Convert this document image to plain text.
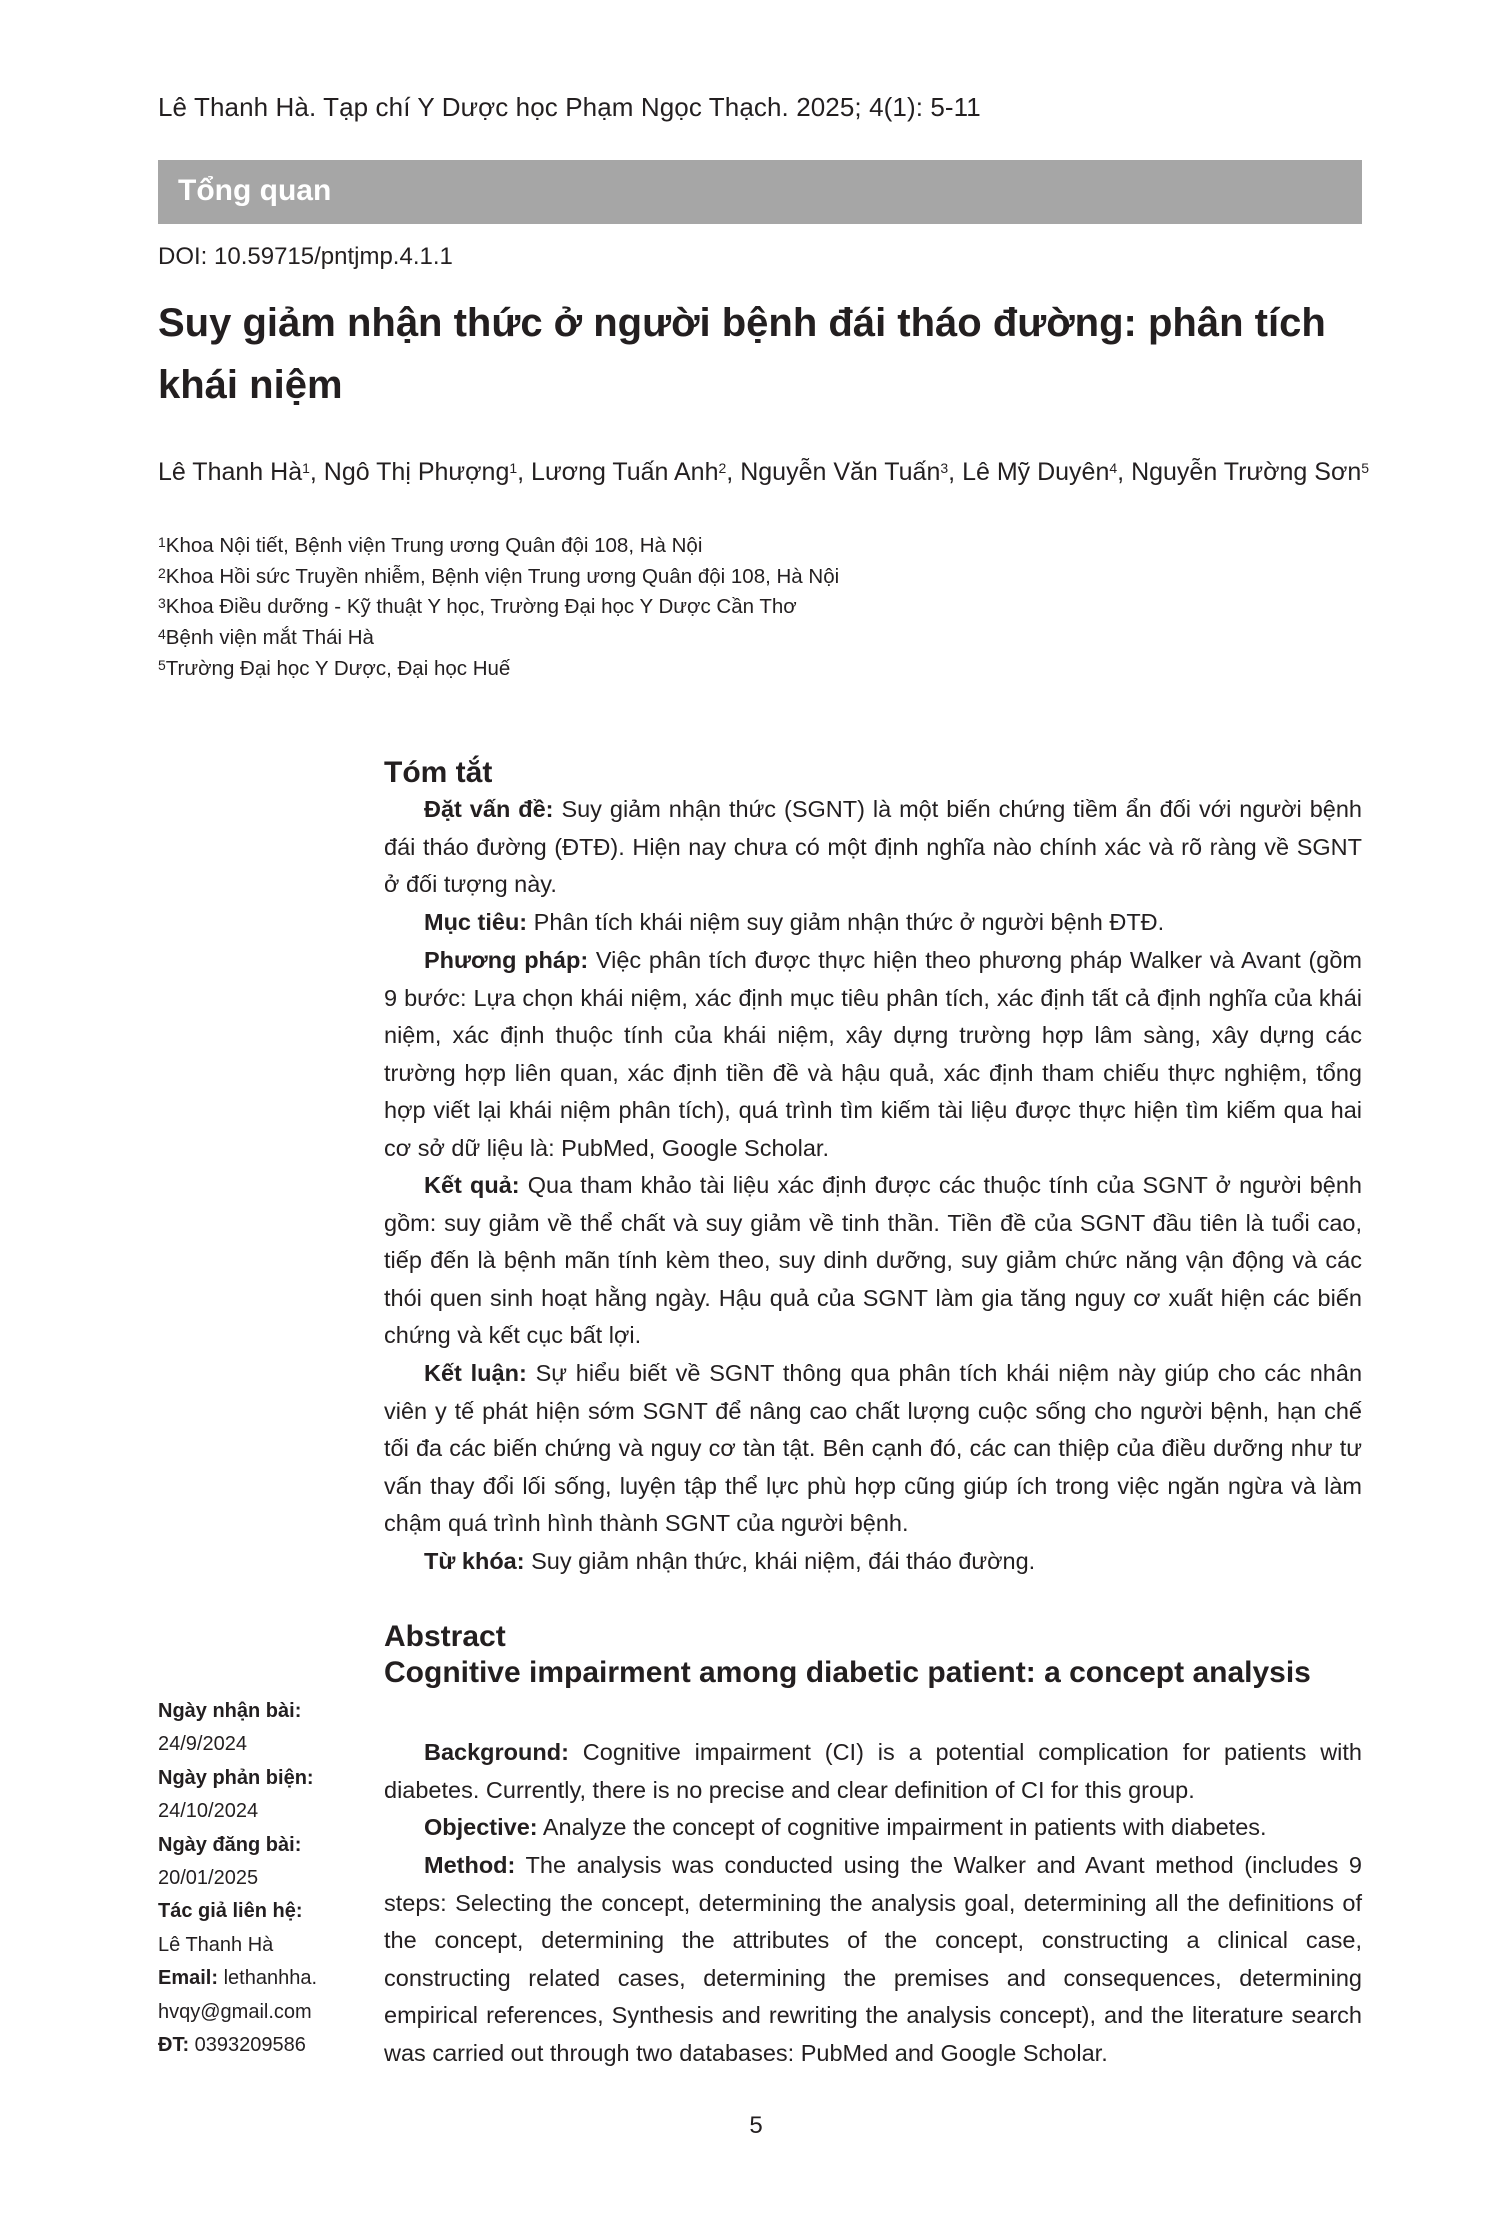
Lê Thanh Hà. Tạp chí Y Dược học Phạm Ngọc Thạch. 2025; 4(1): 5-11
Tổng quan
DOI: 10.59715/pntjmp.4.1.1
Suy giảm nhận thức ở người bệnh đái tháo đường: phân tích khái niệm
Lê Thanh $Hà^1$, Ngô Thị Phượng$^1$, Lương Tuấn Anh$^2$, Nguyễn Văn Tuấn$^3$, Lê Mỹ Duyên$^4$, Nguyễn Trường Sơn$^5$
$^1$Khoa Nội tiết, Bệnh viện Trung ương Quân đội 108, Hà Nội
$^2$Khoa Hồi sức Truyền nhiễm, Bệnh viện Trung ương Quân đội 108, Hà Nội
$^3$Khoa Điều dưỡng - Kỹ thuật Y học, Trường Đại học Y Dược Cần Thơ
$^4$Bệnh viện mắt Thái Hà
$^5$Trường Đại học Y Dược, Đại học Huế
Tóm tắt

Đặt vấn đề: Suy giảm nhận thức (SGNT) là một biến chứng tiềm ẩn đối với người bệnh đái tháo đường (ĐTĐ). Hiện nay chưa có một định nghĩa nào chính xác và rõ ràng về SGNT ở đối tượng này.

Mục tiêu: Phân tích khái niệm suy giảm nhận thức ở người bệnh ĐTĐ.

Phương pháp: Việc phân tích được thực hiện theo phương pháp Walker và Avant (gồm 9 bước: Lựa chọn khái niệm, xác định mục tiêu phân tích, xác định tất cả định nghĩa của khái niệm, xác định thuộc tính của khái niệm, xây dựng trường hợp lâm sàng, xây dựng các trường hợp liên quan, xác định tiền đề và hậu quả, xác định tham chiếu thực nghiệm, tổng hợp viết lại khái niệm phân tích), quá trình tìm kiếm tài liệu được thực hiện tìm kiếm qua hai cơ sở dữ liệu là: PubMed, Google Scholar.

Kết quả: Qua tham khảo tài liệu xác định được các thuộc tính của SGNT ở người bệnh gồm: suy giảm về thể chất và suy giảm về tinh thần. Tiền đề của SGNT đầu tiên là tuổi cao, tiếp đến là bệnh mãn tính kèm theo, suy dinh dưỡng, suy giảm chức năng vận động và các thói quen sinh hoạt hằng ngày. Hậu quả của SGNT làm gia tăng nguy cơ xuất hiện các biến chứng và kết cục bất lợi.

Kết luận: Sự hiểu biết về SGNT thông qua phân tích khái niệm này giúp cho các nhân viên y tế phát hiện sớm SGNT để nâng cao chất lượng cuộc sống cho người bệnh, hạn chế tối đa các biến chứng và nguy cơ tàn tật. Bên cạnh đó, các can thiệp của điều dưỡng như tư vấn thay đổi lối sống, luyện tập thể lực phù hợp cũng giúp ích trong việc ngăn ngừa và làm chậm quá trình hình thành SGNT của người bệnh.

Từ khóa: Suy giảm nhận thức, khái niệm, đái tháo đường.

Abstract
Cognitive impairment among diabetic patient: a concept analysis

Background: Cognitive impairment (CI) is a potential complication for patients with diabetes. Currently, there is no precise and clear definition of CI for this group.

Objective: Analyze the concept of cognitive impairment in patients with diabetes.

Method: The analysis was conducted using the Walker and Avant method (includes 9 steps: Selecting the concept, determining the analysis goal, determining all the definitions of the concept, determining the attributes of the concept, constructing a clinical case, constructing related cases, determining the premises and consequences, determining empirical references, Synthesis and rewriting the analysis concept), and the literature search was carried out through two databases: PubMed and Google Scholar.

Ngày nhận bài:
24/9/2024
Ngày phản biện:
24/10/2024
Ngày đăng bài:
20/01/2025
Tác giả liên hệ:
Lê Thanh Hà
Email: lethanhha.
hvqy@gmail.com
ĐT: 0393209586
5
